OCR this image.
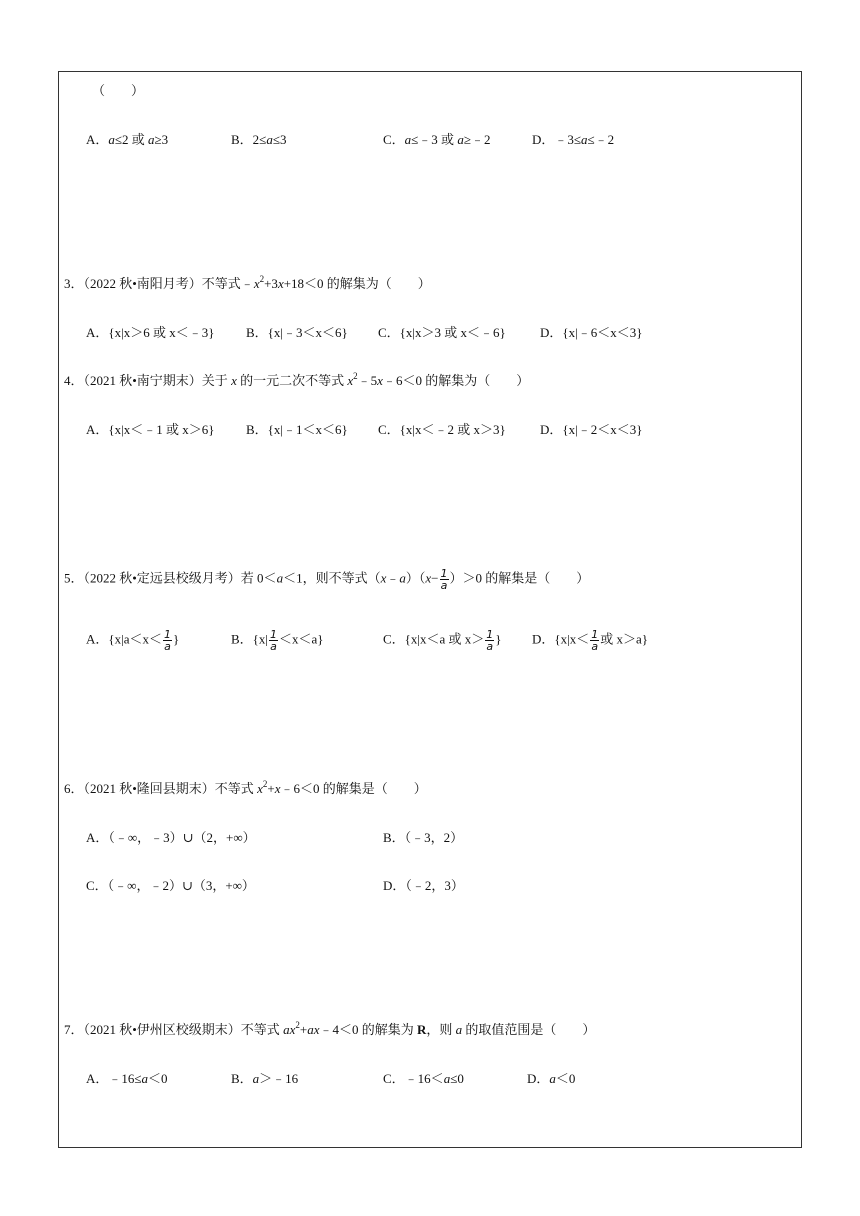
（　　）
A．a≤2 或 a≥3	B．2≤a≤3	C．a≤﹣3 或 a≥﹣2	D．﹣3≤a≤﹣2
3．（2022 秋•南阳月考）不等式$﹣x^2+3x+18<0$ 的解集为（　　）
A．{x|x＞6 或 x＜﹣3} B．{x|﹣3＜x＜6} C．{x|x＞3 或 x＜﹣6}	D．{x|﹣6＜x＜3}
4．（2021 秋•南宁期末）关于 x 的一元二次不等式 $x^2﹣5x﹣6<0$ 的解集为（　　）
A．{x|x＜﹣1 或 x＞6} B．{x|﹣1＜x＜6} C．{x|x＜﹣2 或 x＞3}	D．{x|﹣2＜x＜3}
5．（2022 秋•定远县校级月考）若 0＜a＜1，则不等式（x﹣a）（x− $\frac{1}{a} )>0$ 的解集是（　　）
A．{$x|a<x< \frac{1}{a}$ }	B．$\{x| \frac{1}{a} <x<a\}$	C．{x|x＜a 或 $x> \frac{1}{a}$ } D．{$x|x< \frac{1}{a}$ 或 x＞a}
6．（2021 秋•隆回县期末）不等式 $x^2+x﹣6<0$ 的解集是（　　）
A．（﹣∞，﹣3）∪（2，+∞）	B．（﹣3，2）
C．（﹣∞，﹣2）∪（3，+∞）	D．（﹣2，3）
7．（2021 秋•伊州区校级期末）不等式 $ax^2+ax﹣4<0$ 的解集为 R，则 a 的取值范围是（　　）
A．﹣16≤a＜0	B．a＞﹣16	C．﹣16＜a≤0	D．a＜0
